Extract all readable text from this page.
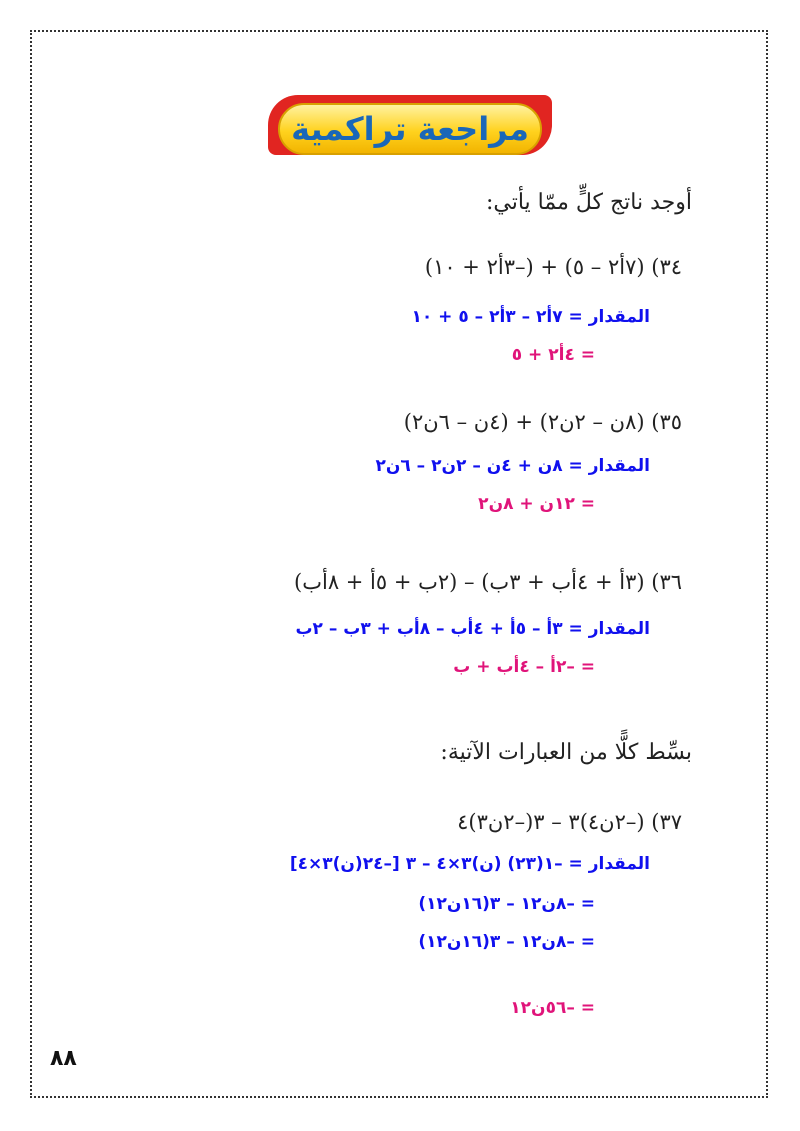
مراجعة تراكمية
أوجد ناتج كلٍّ ممّا يأتي:
٣٤) (٧أ٢ – ٥) + (–٣أ٢ + ١٠)
المقدار = ٧أ٢ – ٣أ٢ – ٥ + ١٠
= ٤أ٢ + ٥
٣٥) (٨ن – ٢ن٢) + (٤ن – ٦ن٢)
المقدار = ٨ن + ٤ن – ٢ن٢ – ٦ن٢
= ١٢ن + ٨ن٢
٣٦) (٣أ + ٤أب + ٣ب) – (٢ب + ٥أ + ٨أب)
المقدار = ٣أ – ٥أ + ٤أب – ٨أب + ٣ب – ٢ب
= –٢أ – ٤أب + ب
بسِّط كلًّا من العبارات الآتية:
٣٧) (–٢ن٤)٣ – ٣(–٢ن٣)٤
المقدار = –١(٢٣) (ن)٣×٤ – ٣ [–٢٤(ن)٣×٤]
= –٨ن١٢ – ٣(١٦ن١٢)
= –٨ن١٢ – ٣(١٦ن١٢)
= –٥٦ن١٢
٨٨
